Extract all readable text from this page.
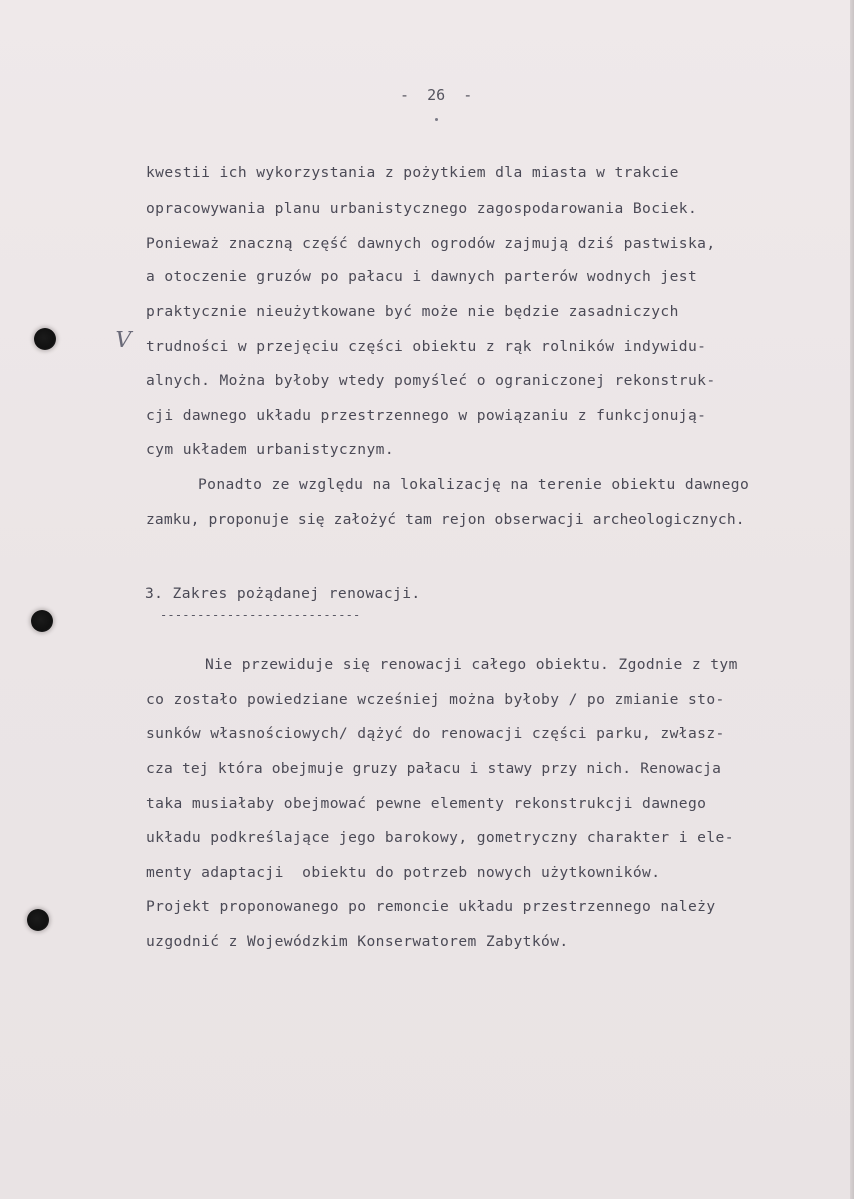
-  26  -
V
kwestii ich wykorzystania z pożytkiem dla miasta w trakcie
opracowywania planu urbanistycznego zagospodarowania Bociek.
Ponieważ znaczną część dawnych ogrodów zajmują dziś pastwiska,
a otoczenie gruzów po pałacu i dawnych parterów wodnych jest
praktycznie nieużytkowane być może nie będzie zasadniczych
trudności w przejęciu części obiektu z rąk rolników indywidu-
alnych. Można byłoby wtedy pomyśleć o ograniczonej rekonstruk-
cji dawnego układu przestrzennego w powiązaniu z funkcjonują-
cym układem urbanistycznym.
Ponadto ze względu na lokalizację na terenie obiektu dawnego
zamku, proponuje się założyć tam rejon obserwacji archeologicznych.
3. Zakres pożądanej renowacji.
---------------------------
Nie przewiduje się renowacji całego obiektu. Zgodnie z tym
co zostało powiedziane wcześniej można byłoby / po zmianie sto-
sunków własnościowych/ dążyć do renowacji części parku, zwłasz-
cza tej która obejmuje gruzy pałacu i stawy przy nich. Renowacja
taka musiałaby obejmować pewne elementy rekonstrukcji dawnego
układu podkreślające jego barokowy, gometryczny charakter i ele-
menty adaptacji  obiektu do potrzeb nowych użytkowników.
Projekt proponowanego po remoncie układu przestrzennego należy
uzgodnić z Wojewódzkim Konserwatorem Zabytków.
